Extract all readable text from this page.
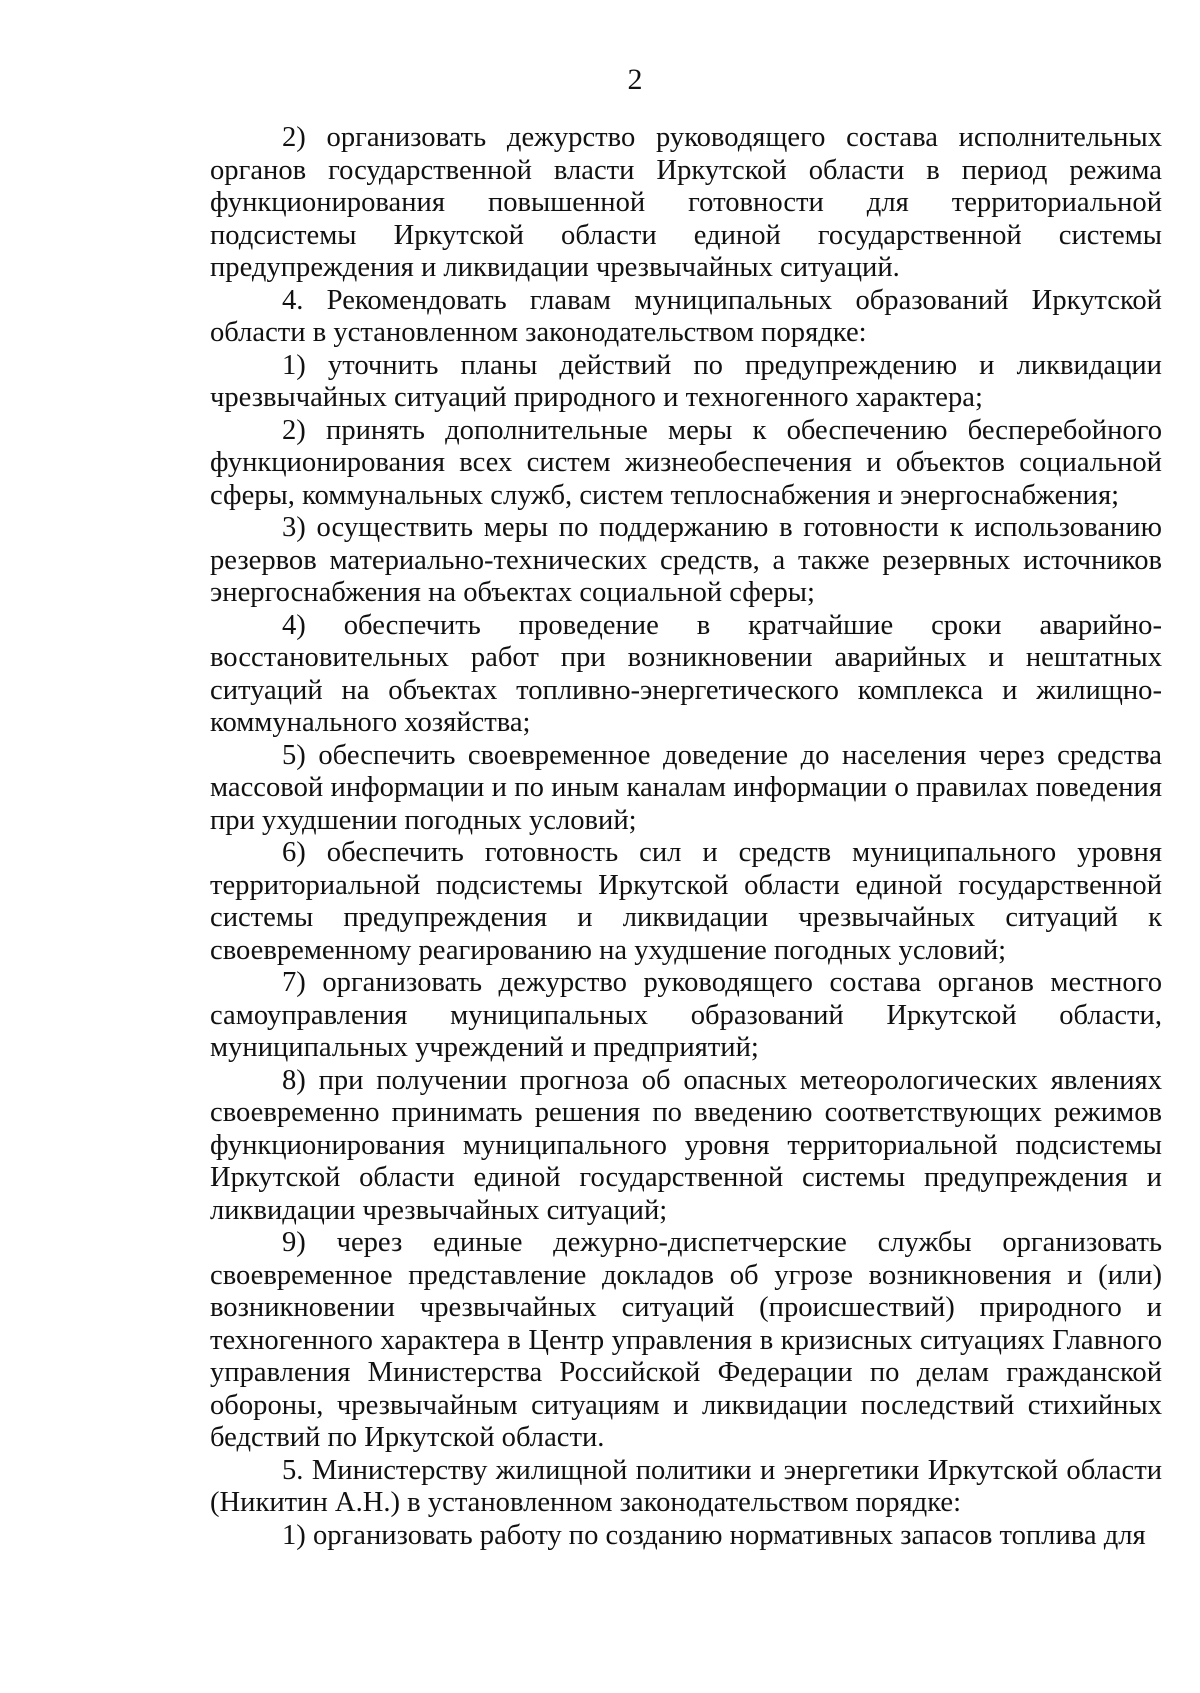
2

2) организовать дежурство руководящего состава исполнительных органов государственной власти Иркутской области в период режима функционирования повышенной готовности для территориальной подсистемы Иркутской области единой государственной системы предупреждения и ликвидации чрезвычайных ситуаций.

4. Рекомендовать главам муниципальных образований Иркутской области в установленном законодательством порядке:

1) уточнить планы действий по предупреждению и ликвидации чрезвычайных ситуаций природного и техногенного характера;

2) принять дополнительные меры к обеспечению бесперебойного функционирования всех систем жизнеобеспечения и объектов социальной сферы, коммунальных служб, систем теплоснабжения и энергоснабжения;

3) осуществить меры по поддержанию в готовности к использованию резервов материально-технических средств, а также резервных источников энергоснабжения на объектах социальной сферы;

4) обеспечить проведение в кратчайшие сроки аварийно-восстановительных работ при возникновении аварийных и нештатных ситуаций на объектах топливно-энергетического комплекса и жилищно-коммунального хозяйства;

5) обеспечить своевременное доведение до населения через средства массовой информации и по иным каналам информации о правилах поведения при ухудшении погодных условий;

6) обеспечить готовность сил и средств муниципального уровня территориальной подсистемы Иркутской области единой государственной системы предупреждения и ликвидации чрезвычайных ситуаций к своевременному реагированию на ухудшение погодных условий;

7) организовать дежурство руководящего состава органов местного самоуправления муниципальных образований Иркутской области, муниципальных учреждений и предприятий;

8) при получении прогноза об опасных метеорологических явлениях своевременно принимать решения по введению соответствующих режимов функционирования муниципального уровня территориальной подсистемы Иркутской области единой государственной системы предупреждения и ликвидации чрезвычайных ситуаций;

9) через единые дежурно-диспетчерские службы организовать своевременное представление докладов об угрозе возникновения и (или) возникновении чрезвычайных ситуаций (происшествий) природного и техногенного характера в Центр управления в кризисных ситуациях Главного управления Министерства Российской Федерации по делам гражданской обороны, чрезвычайным ситуациям и ликвидации последствий стихийных бедствий по Иркутской области.

5. Министерству жилищной политики и энергетики Иркутской области (Никитин А.Н.) в установленном законодательством порядке:

1) организовать работу по созданию нормативных запасов топлива для
